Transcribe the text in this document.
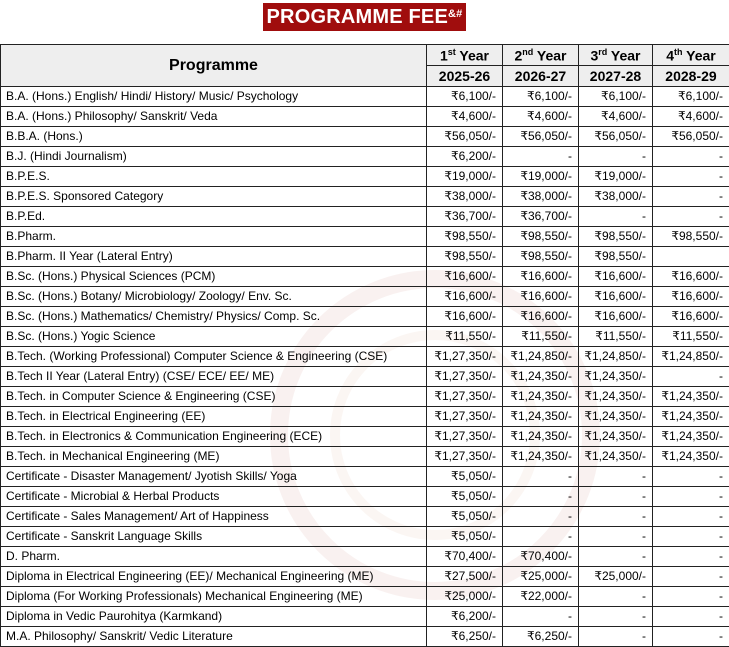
PROGRAMME FEE&#
Programme	1st Year	2nd Year	3rd Year	4th Year
	2025-26	2026-27	2027-28	2028-29
B.A. (Hons.) English/ Hindi/ History/ Music/ Psychology	₹6,100/-	₹6,100/-	₹6,100/-	₹6,100/-
B.A. (Hons.) Philosophy/ Sanskrit/ Veda	₹4,600/-	₹4,600/-	₹4,600/-	₹4,600/-
B.B.A. (Hons.)	₹56,050/-	₹56,050/-	₹56,050/-	₹56,050/-
B.J. (Hindi Journalism)	₹6,200/-	-	-	-
B.P.E.S.	₹19,000/-	₹19,000/-	₹19,000/-	-
B.P.E.S. Sponsored Category	₹38,000/-	₹38,000/-	₹38,000/-	-
B.P.Ed.	₹36,700/-	₹36,700/-	-	-
B.Pharm.	₹98,550/-	₹98,550/-	₹98,550/-	₹98,550/-
B.Pharm. II Year (Lateral Entry)	₹98,550/-	₹98,550/-	₹98,550/-	
B.Sc. (Hons.) Physical Sciences (PCM)	₹16,600/-	₹16,600/-	₹16,600/-	₹16,600/-
B.Sc. (Hons.) Botany/ Microbiology/ Zoology/ Env. Sc.	₹16,600/-	₹16,600/-	₹16,600/-	₹16,600/-
B.Sc. (Hons.) Mathematics/ Chemistry/ Physics/ Comp. Sc.	₹16,600/-	₹16,600/-	₹16,600/-	₹16,600/-
B.Sc. (Hons.) Yogic Science	₹11,550/-	₹11,550/-	₹11,550/-	₹11,550/-
B.Tech. (Working Professional) Computer Science & Engineering (CSE)	₹1,27,350/-	₹1,24,850/-	₹1,24,850/-	₹1,24,850/-
B.Tech II Year (Lateral Entry) (CSE/ ECE/ EE/ ME)	₹1,27,350/-	₹1,24,350/-	₹1,24,350/-	-
B.Tech. in Computer Science & Engineering (CSE)	₹1,27,350/-	₹1,24,350/-	₹1,24,350/-	₹1,24,350/-
B.Tech. in Electrical Engineering (EE)	₹1,27,350/-	₹1,24,350/-	₹1,24,350/-	₹1,24,350/-
B.Tech. in Electronics & Communication Engineering (ECE)	₹1,27,350/-	₹1,24,350/-	₹1,24,350/-	₹1,24,350/-
B.Tech. in Mechanical Engineering (ME)	₹1,27,350/-	₹1,24,350/-	₹1,24,350/-	₹1,24,350/-
Certificate - Disaster Management/ Jyotish Skills/ Yoga	₹5,050/-	-	-	-
Certificate - Microbial & Herbal Products	₹5,050/-	-	-	-
Certificate - Sales Management/ Art of Happiness	₹5,050/-	-	-	-
Certificate - Sanskrit Language Skills	₹5,050/-	-	-	-
D. Pharm.	₹70,400/-	₹70,400/-	-	-
Diploma in Electrical Engineering (EE)/ Mechanical Engineering (ME)	₹27,500/-	₹25,000/-	₹25,000/-	-
Diploma (For Working Professionals) Mechanical Engineering (ME)	₹25,000/-	₹22,000/-	-	-
Diploma in Vedic Paurohitya (Karmkand)	₹6,200/-	-	-	-
M.A. Philosophy/ Sanskrit/ Vedic Literature	₹6,250/-	₹6,250/-	-	-
